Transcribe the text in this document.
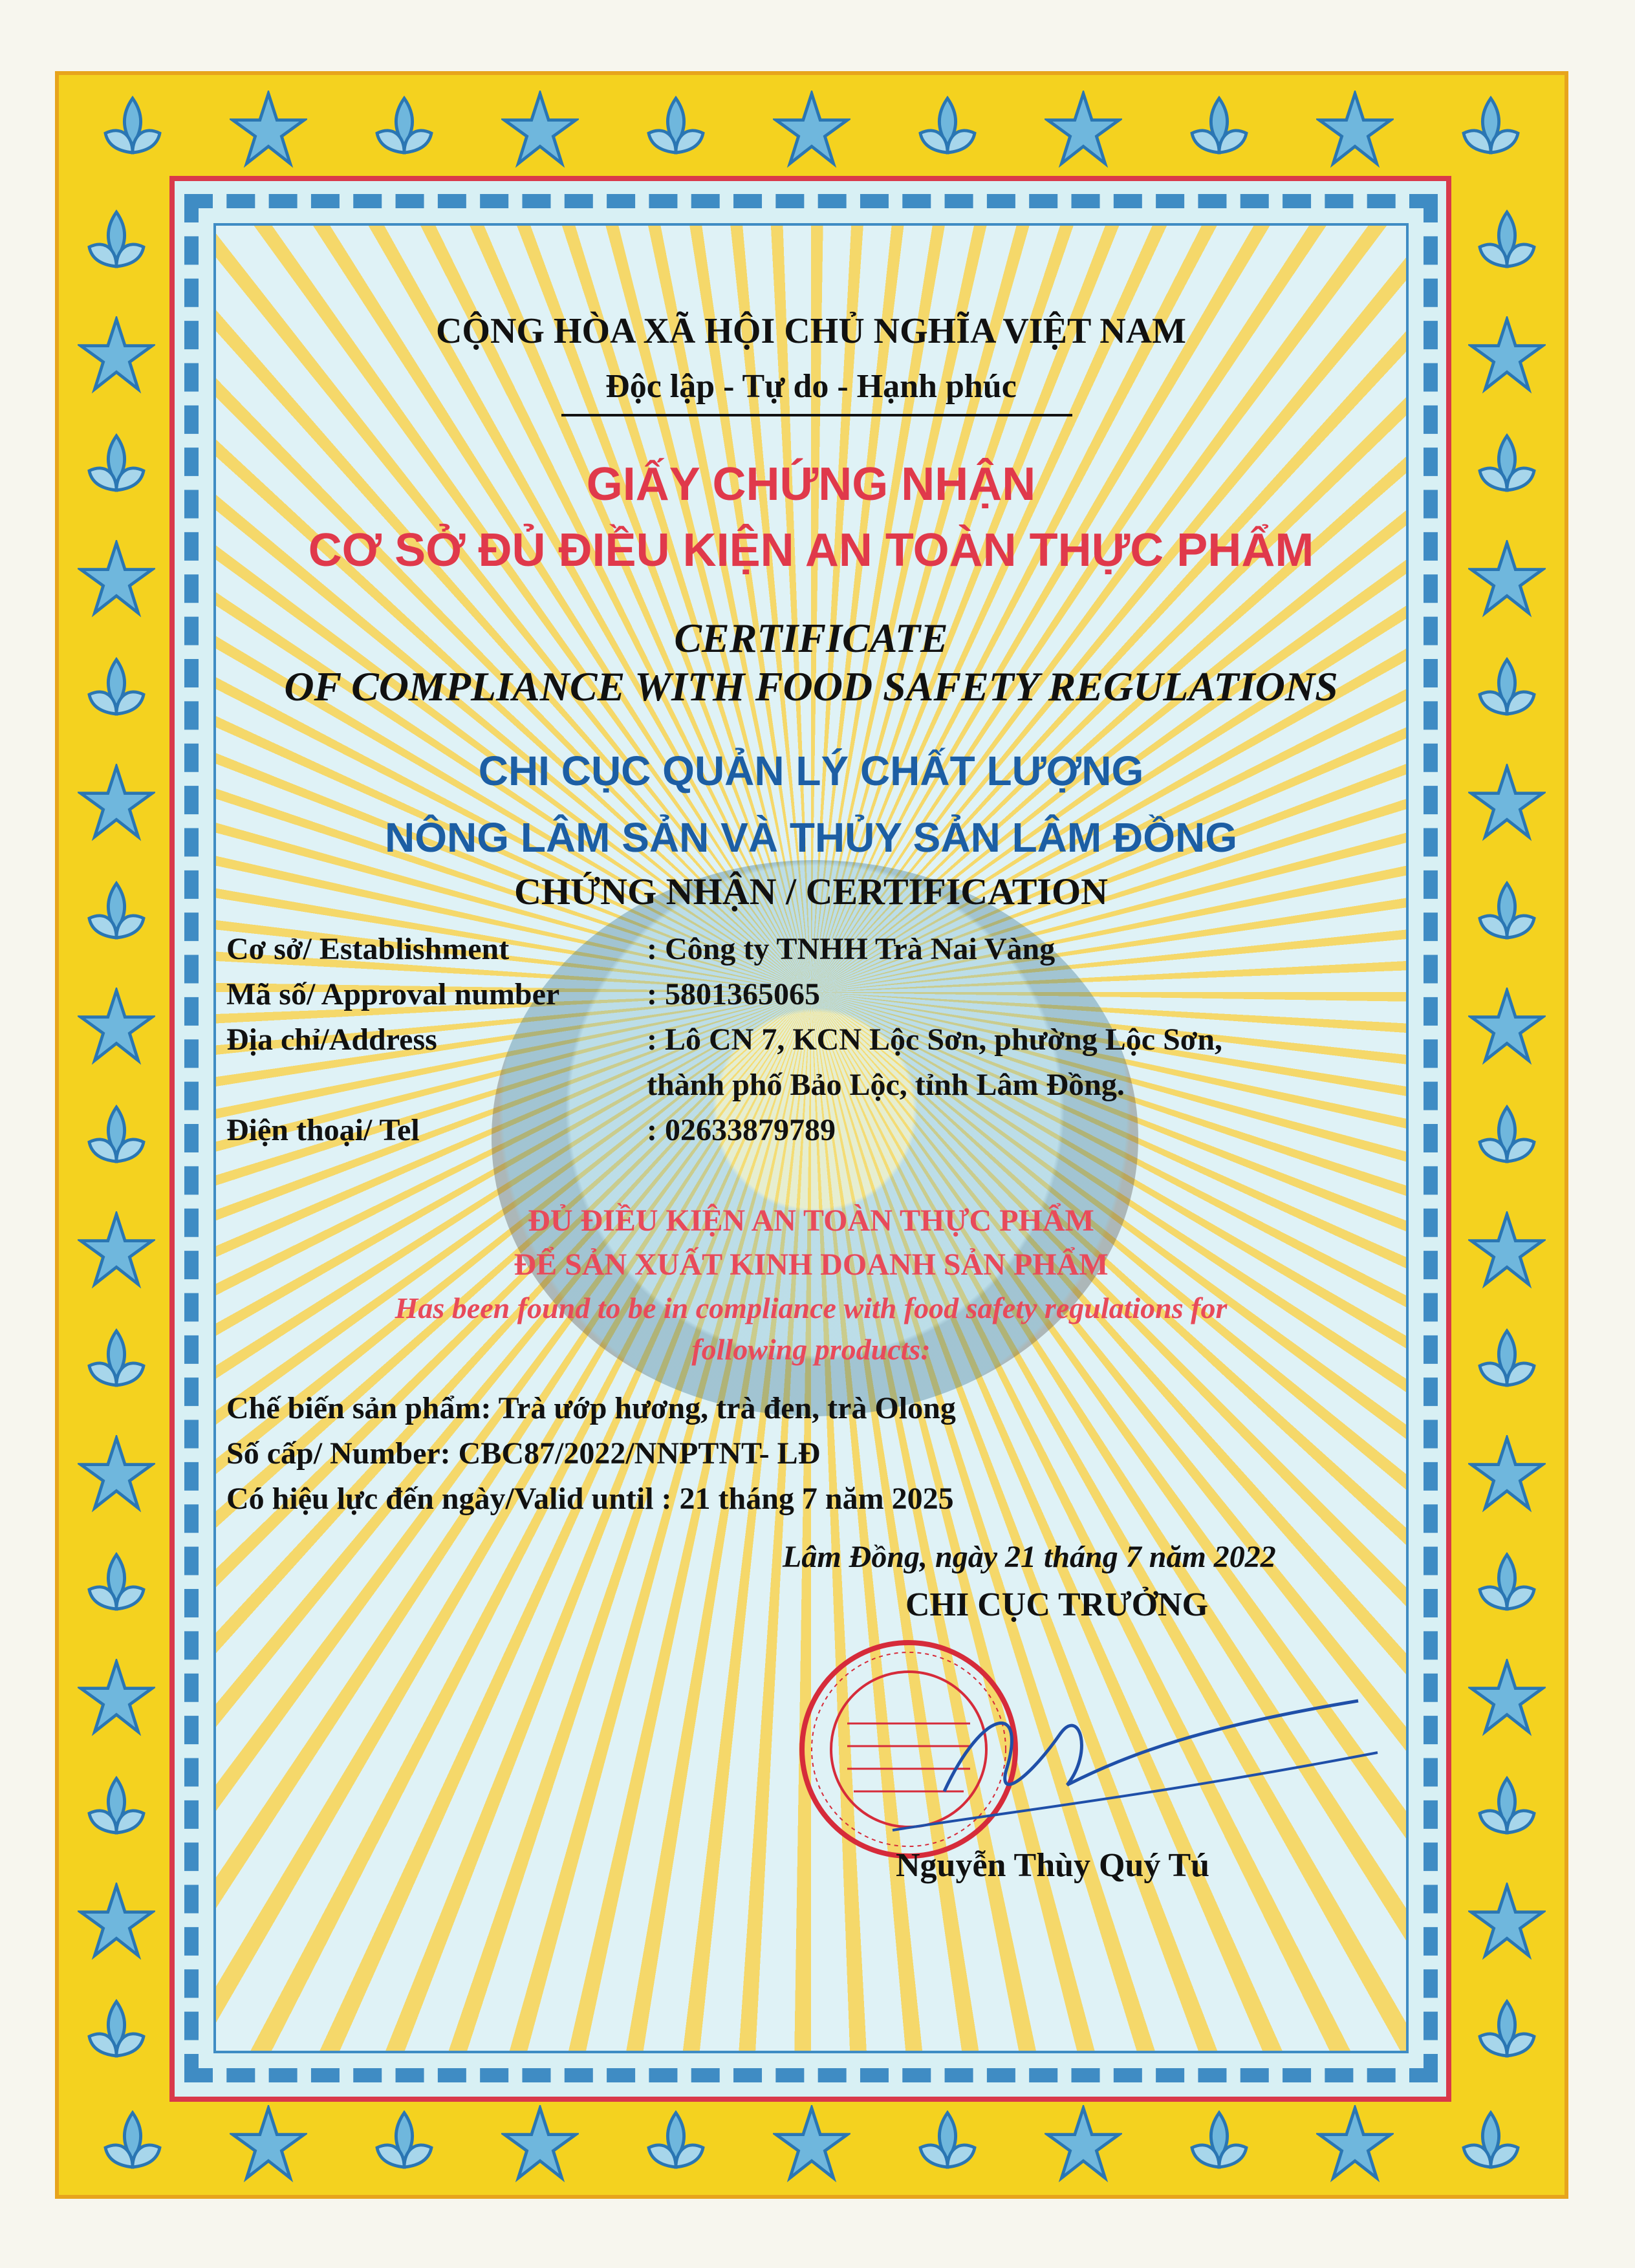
CỘNG HÒA XÃ HỘI CHỦ NGHĨA VIỆT NAM
Độc lập - Tự do - Hạnh phúc
GIẤY CHỨNG NHẬN
CƠ SỞ ĐỦ ĐIỀU KIỆN AN TOÀN THỰC PHẨM
CERTIFICATE
OF COMPLIANCE WITH FOOD SAFETY REGULATIONS
CHI CỤC QUẢN LÝ CHẤT LƯỢNG
NÔNG LÂM SẢN VÀ THỦY SẢN LÂM ĐỒNG
CHỨNG NHẬN / CERTIFICATION
Cơ sở/ Establishment	: Công ty TNHH Trà Nai Vàng
Mã số/ Approval number	: 5801365065
Địa chỉ/Address	: Lô CN 7, KCN Lộc Sơn, phường Lộc Sơn,
thành phố Bảo Lộc, tỉnh Lâm Đồng.
Điện thoại/ Tel	: 02633879789
ĐỦ ĐIỀU KIỆN AN TOÀN THỰC PHẨM
ĐỂ SẢN XUẤT KINH DOANH SẢN PHẨM
Has been found to be in compliance with food safety regulations for
following products:
Chế biến sản phẩm: Trà ướp hương, trà đen, trà Olong
Số cấp/ Number: CBC87/2022/NNPTNT- LĐ
Có hiệu lực đến ngày/Valid until : 21 tháng 7 năm 2025
Lâm Đồng, ngày 21 tháng 7 năm 2022
CHI CỤC TRƯỞNG
Nguyễn Thùy Quý Tú
